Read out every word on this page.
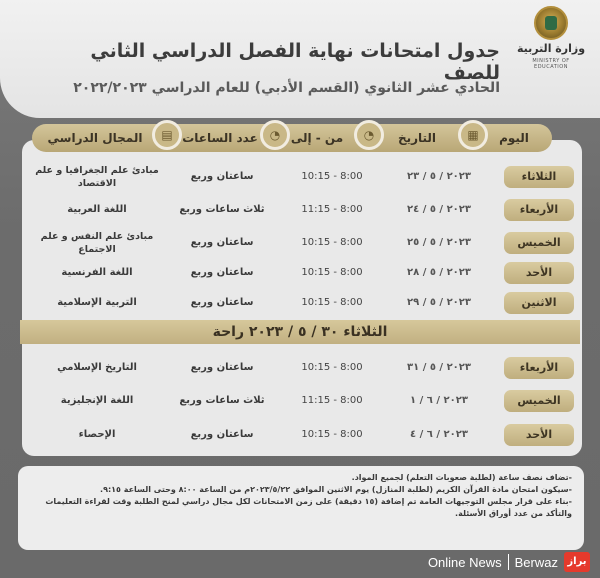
وزارة التربية
MINISTRY OF EDUCATION
جدول امتحانات نهاية الفصل الدراسي الثاني للصف
الحادي عشر الثانوي (القسم الأدبي) للعام الدراسي ٢٠٢٢/٢٠٢٣
الثلاثاء
٢٠٢٣ / ٥ / ٢٣
10:15 - 8:00
ساعتان وربع
مبادئ علم الجغرافيا و علم الاقتصاد
الأربعاء
٢٠٢٣ / ٥ / ٢٤
11:15 - 8:00
ثلاث ساعات وربع
اللغة العربية
الخميس
٢٠٢٣ / ٥ / ٢٥
10:15 - 8:00
ساعتان وربع
مبادئ علم النفس و علم الاجتماع
الأحد
٢٠٢٣ / ٥ / ٢٨
10:15 - 8:00
ساعتان وربع
اللغة الفرنسية
الاثنين
٢٠٢٣ / ٥ / ٢٩
10:15 - 8:00
ساعتان وربع
التربية الإسلامية
الأربعاء
٢٠٢٣ / ٥ / ٣١
10:15 - 8:00
ساعتان وربع
التاريخ الإسلامي
الخميس
٢٠٢٣ / ٦ / ١
11:15 - 8:00
ثلاث ساعات وربع
اللغة الإنجليزية
الأحد
٢٠٢٣ / ٦ / ٤
10:15 - 8:00
ساعتان وربع
الإحصاء
اليوم
▦
التاريخ
◔
من - إلى
◔
عدد الساعات
▤
المجال الدراسي
الثلاثاء ٣٠ / ٥ / ٢٠٢٣ راحة
-تضاف نصف ساعة (لطلبة صعوبات التعلم) لجميع المواد.
-سيكون امتحان مادة القرآن الكريم (لطلبة المنازل) يوم الاثنين الموافق ٢٠٢٣/٥/٢٢م من الساعة ٨:٠٠ وحتى الساعة ٩:١٥.
-بناء على قرار مجلس التوجيهات العامة تم إضافة (١٥ دقيقة) على زمن الامتحانات لكل مجال دراسي لمنح الطلبة وقت لقراءة التعليمات والتأكد من عدد أوراق الأسئلة.
Online News Berwaz براز
